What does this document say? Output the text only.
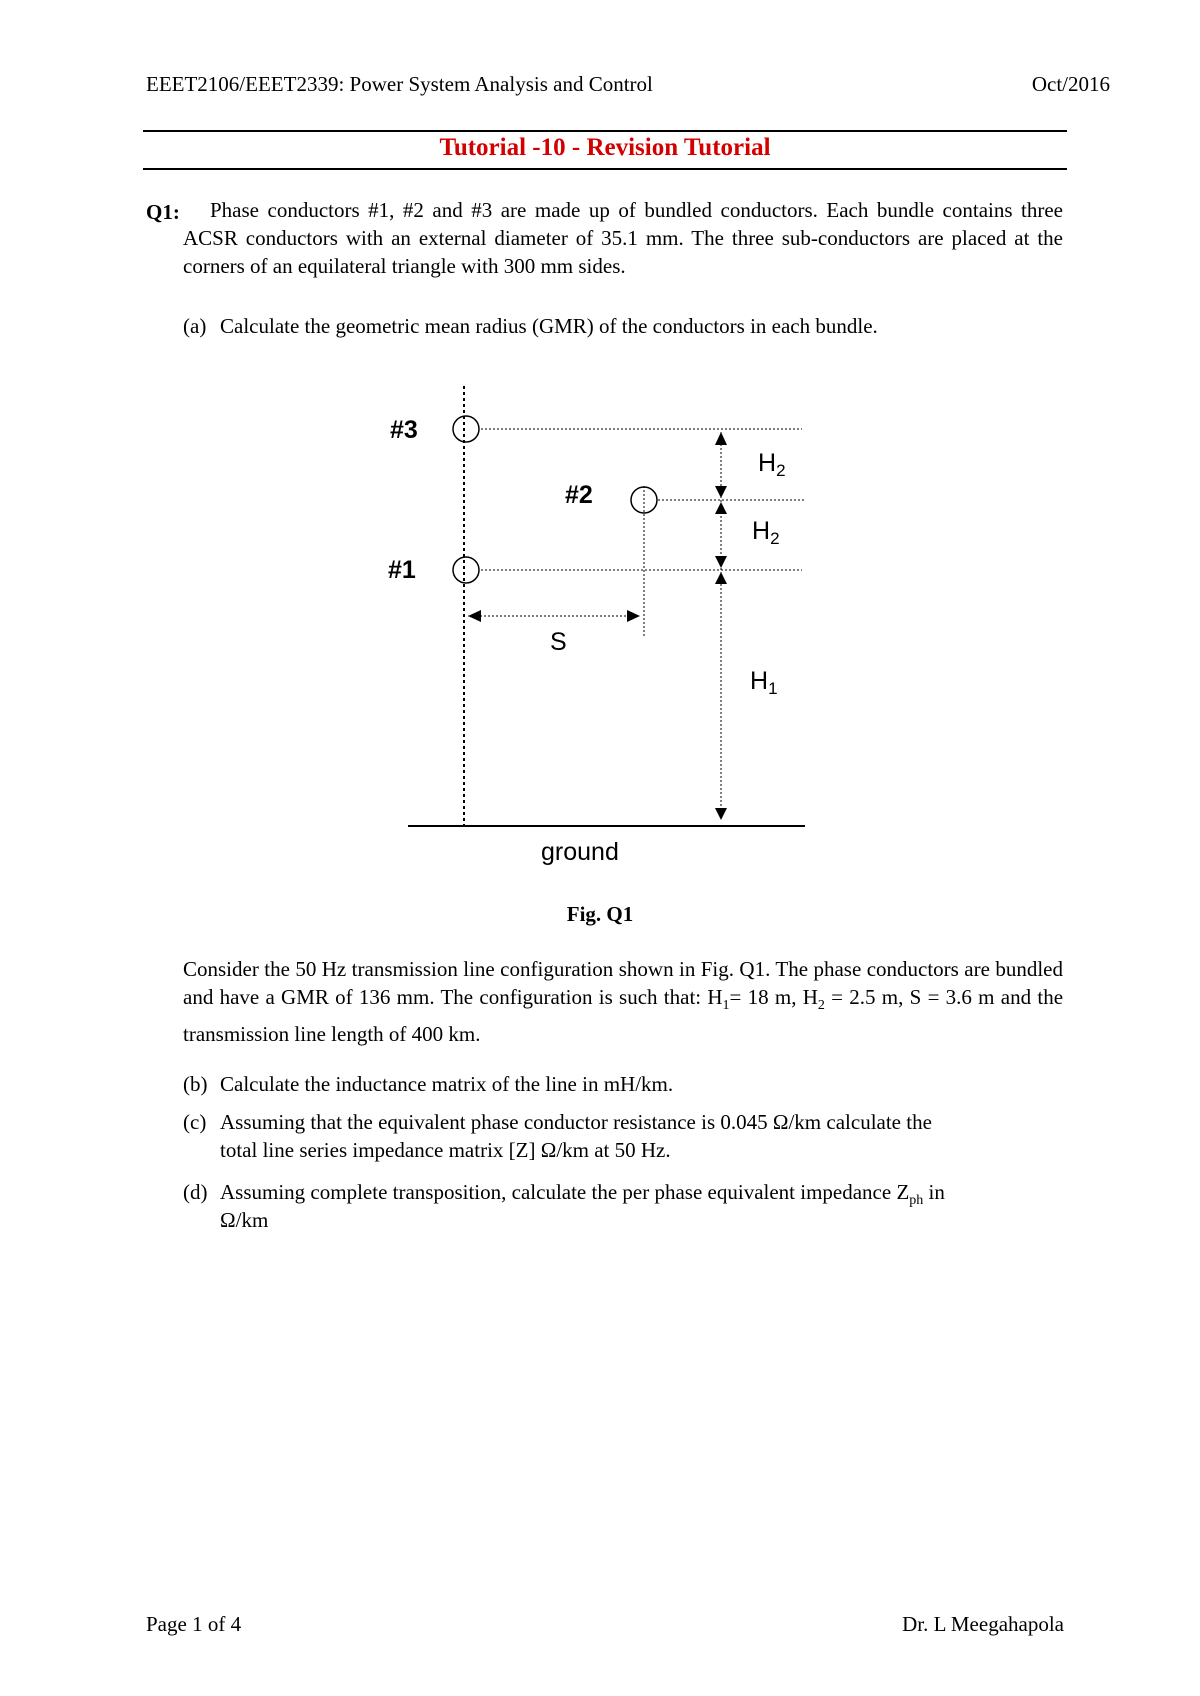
EEET2106/EEET2339: Power System Analysis and Control	Oct/2016
Tutorial -10 - Revision Tutorial
Q1:	Phase conductors #1, #2 and #3 are made up of bundled conductors. Each bundle contains three ACSR conductors with an external diameter of 35.1 mm. The three sub-conductors are placed at the corners of an equilateral triangle with 300 mm sides.
(a) Calculate the geometric mean radius (GMR) of the conductors in each bundle.
#3
#2
#1
$H_2$
$H_2$
$H_1$
S
ground
Fig. Q1
Consider the 50 Hz transmission line configuration shown in Fig. Q1. The phase conductors are bundled and have a GMR of 136 mm. The configuration is such that: $H_1= 18$ m, $H_2 = 2.5$ m, S = 3.6 m and the transmission line length of 400 km.
(b) Calculate the inductance matrix of the line in mH/km.
(c) Assuming that the equivalent phase conductor resistance is 0.045 Ω/km calculate the
total line series impedance matrix [Z] Ω/km at 50 Hz.
(d) Assuming complete transposition, calculate the per phase equivalent impedance $Z_{ph}$ in
Ω/km
Page 1 of 4	Dr. L Meegahapola
